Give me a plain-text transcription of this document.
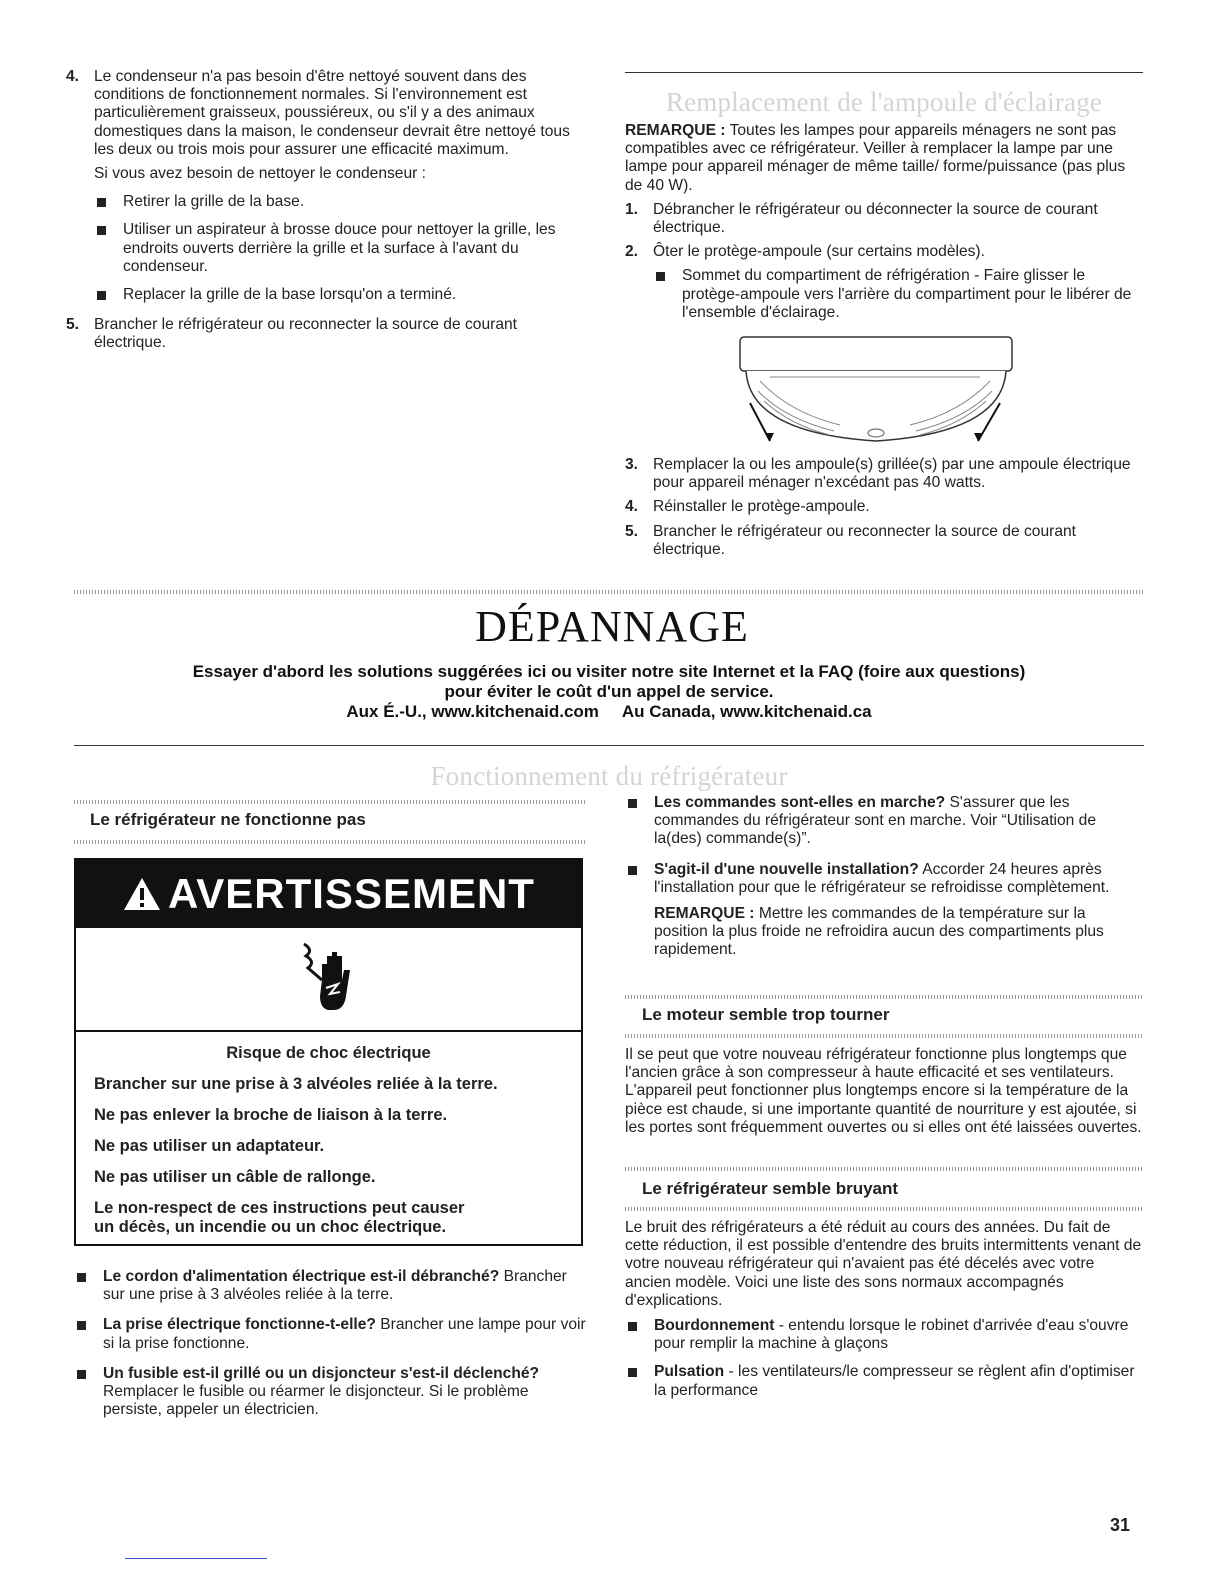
4. Le condenseur n'a pas besoin d'être nettoyé souvent dans des conditions de fonctionnement normales. Si l'environnement est particulièrement graisseux, poussiéreux, ou s'il y a des animaux domestiques dans la maison, le condenseur devrait être nettoyé tous les deux ou trois mois pour assurer une efficacité maximum.

Si vous avez besoin de nettoyer le condenseur :

Retirer la grille de la base.
Utiliser un aspirateur à brosse douce pour nettoyer la grille, les endroits ouverts derrière la grille et la surface à l'avant du condenseur.
Replacer la grille de la base lorsqu'on a terminé.
5. Brancher le réfrigérateur ou reconnecter la source de courant électrique.

Remplacement de l'ampoule d'éclairage

REMARQUE : Toutes les lampes pour appareils ménagers ne sont pas compatibles avec ce réfrigérateur. Veiller à remplacer la lampe par une lampe pour appareil ménager de même taille/ forme/puissance (pas plus de 40 W).

1. Débrancher le réfrigérateur ou déconnecter la source de courant électrique.

2. Ôter le protège-ampoule (sur certains modèles).

Sommet du compartiment de réfrigération - Faire glisser le protège-ampoule vers l'arrière du compartiment pour le libérer de l'ensemble d'éclairage.
3. Remplacer la ou les ampoule(s) grillée(s) par une ampoule électrique pour appareil ménager n'excédant pas 40 watts.

4. Réinstaller le protège-ampoule.

5. Brancher le réfrigérateur ou reconnecter la source de courant électrique.

DÉPANNAGE
Essayer d'abord les solutions suggérées ici ou visiter notre site Internet et la FAQ (foire aux questions)
pour éviter le coût d'un appel de service.
Aux É.-U., www.kitchenaid.com Au Canada, www.kitchenaid.ca
Fonctionnement du réfrigérateur
Le réfrigérateur ne fonctionne pas
AVERTISSEMENT

Risque de choc électrique

Brancher sur une prise à 3 alvéoles reliée à la terre.

Ne pas enlever la broche de liaison à la terre.

Ne pas utiliser un adaptateur.

Ne pas utiliser un câble de rallonge.

Le non-respect de ces instructions peut causer
un décès, un incendie ou un choc électrique.

Le cordon d'alimentation électrique est-il débranché? Brancher sur une prise à 3 alvéoles reliée à la terre.

La prise électrique fonctionne-t-elle? Brancher une lampe pour voir si la prise fonctionne.

Un fusible est-il grillé ou un disjoncteur s'est-il déclenché? Remplacer le fusible ou réarmer le disjoncteur. Si le problème persiste, appeler un électricien.

Les commandes sont-elles en marche? S'assurer que les commandes du réfrigérateur sont en marche. Voir “Utilisation de la(des) commande(s)”.

S'agit-il d'une nouvelle installation? Accorder 24 heures après l'installation pour que le réfrigérateur se refroidisse complètement.

REMARQUE : Mettre les commandes de la température sur la position la plus froide ne refroidira aucun des compartiments plus rapidement.

Le moteur semble trop tourner

Il se peut que votre nouveau réfrigérateur fonctionne plus longtemps que l'ancien grâce à son compresseur à haute efficacité et ses ventilateurs. L'appareil peut fonctionner plus longtemps encore si la température de la pièce est chaude, si une importante quantité de nourriture y est ajoutée, si les portes sont fréquemment ouvertes ou si elles ont été laissées ouvertes.

Le réfrigérateur semble bruyant

Le bruit des réfrigérateurs a été réduit au cours des années. Du fait de cette réduction, il est possible d'entendre des bruits intermittents venant de votre nouveau réfrigérateur qui n'avaient pas été décelés avec votre ancien modèle. Voici une liste des sons normaux accompagnés d'explications.

Bourdonnement - entendu lorsque le robinet d'arrivée d'eau s'ouvre pour remplir la machine à glaçons

Pulsation - les ventilateurs/le compresseur se règlent afin d'optimiser la performance

31
